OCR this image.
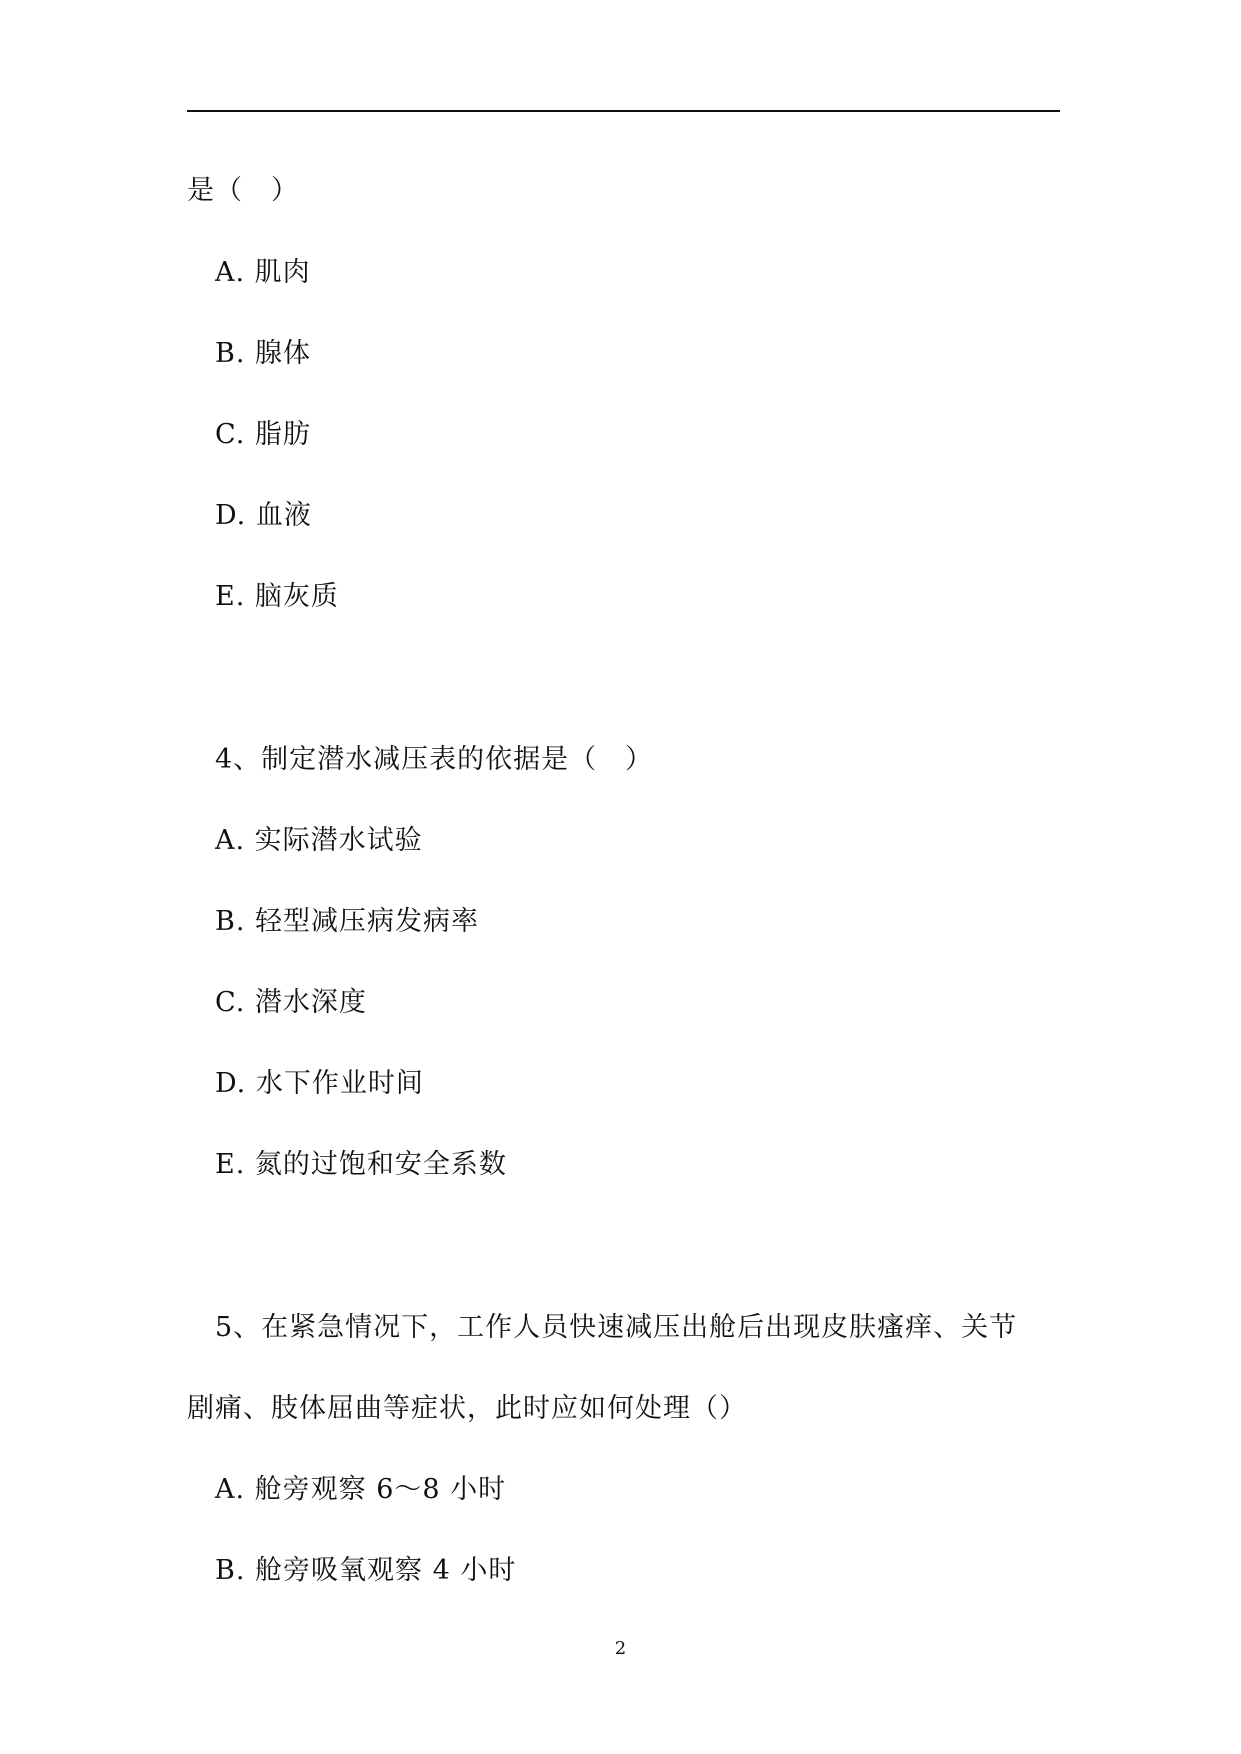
是（　）
A. 肌肉
B. 腺体
C. 脂肪
D. 血液
E. 脑灰质
4、制定潜水减压表的依据是（　）
A. 实际潜水试验
B. 轻型减压病发病率
C. 潜水深度
D. 水下作业时间
E. 氮的过饱和安全系数
5、在紧急情况下，工作人员快速减压出舱后出现皮肤瘙痒、关节
剧痛、肢体屈曲等症状，此时应如何处理（）
A. 舱旁观察 6～8 小时
B. 舱旁吸氧观察 4 小时
2
